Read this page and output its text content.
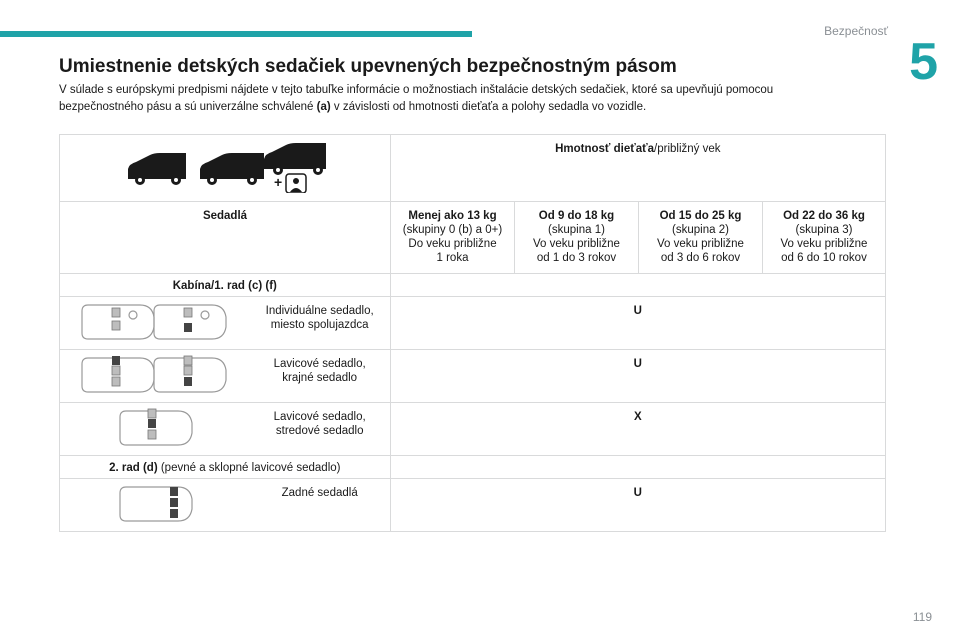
Bezpečnosť
5
Umiestnenie detských sedačiek upevnených bezpečnostným pásom
V súlade s európskymi predpismi nájdete v tejto tabuľke informácie o možnostiach inštalácie detských sedačiek, ktoré sa upevňujú pomocou bezpečnostného pásu a sú univerzálne schválené (a) v závislosti od hmotnosti dieťaťa a polohy sedadla vo vozidle.
+
Hmotnosť dieťaťa/približný vek
Sedadlá	Menej ako 13 kg
(skupiny 0 (b) a 0+)
Do veku približne
1 roka
Od 9 do 18 kg
(skupina 1)
Vo veku približne
od 1 do 3 rokov
Od 15 do 25 kg
(skupina 2)
Vo veku približne
od 3 do 6 rokov
Od 22 do 36 kg
(skupina 3)
Vo veku približne
od 6 do 10 rokov
Kabína/1. rad (c) (f)
Individuálne sedadlo,
miesto spolujazdca
U
Lavicové sedadlo,
krajné sedadlo
U
Lavicové sedadlo,
stredové sedadlo
X
2. rad (d) (pevné a sklopné lavicové sedadlo)
Zadné sedadlá	U
119
